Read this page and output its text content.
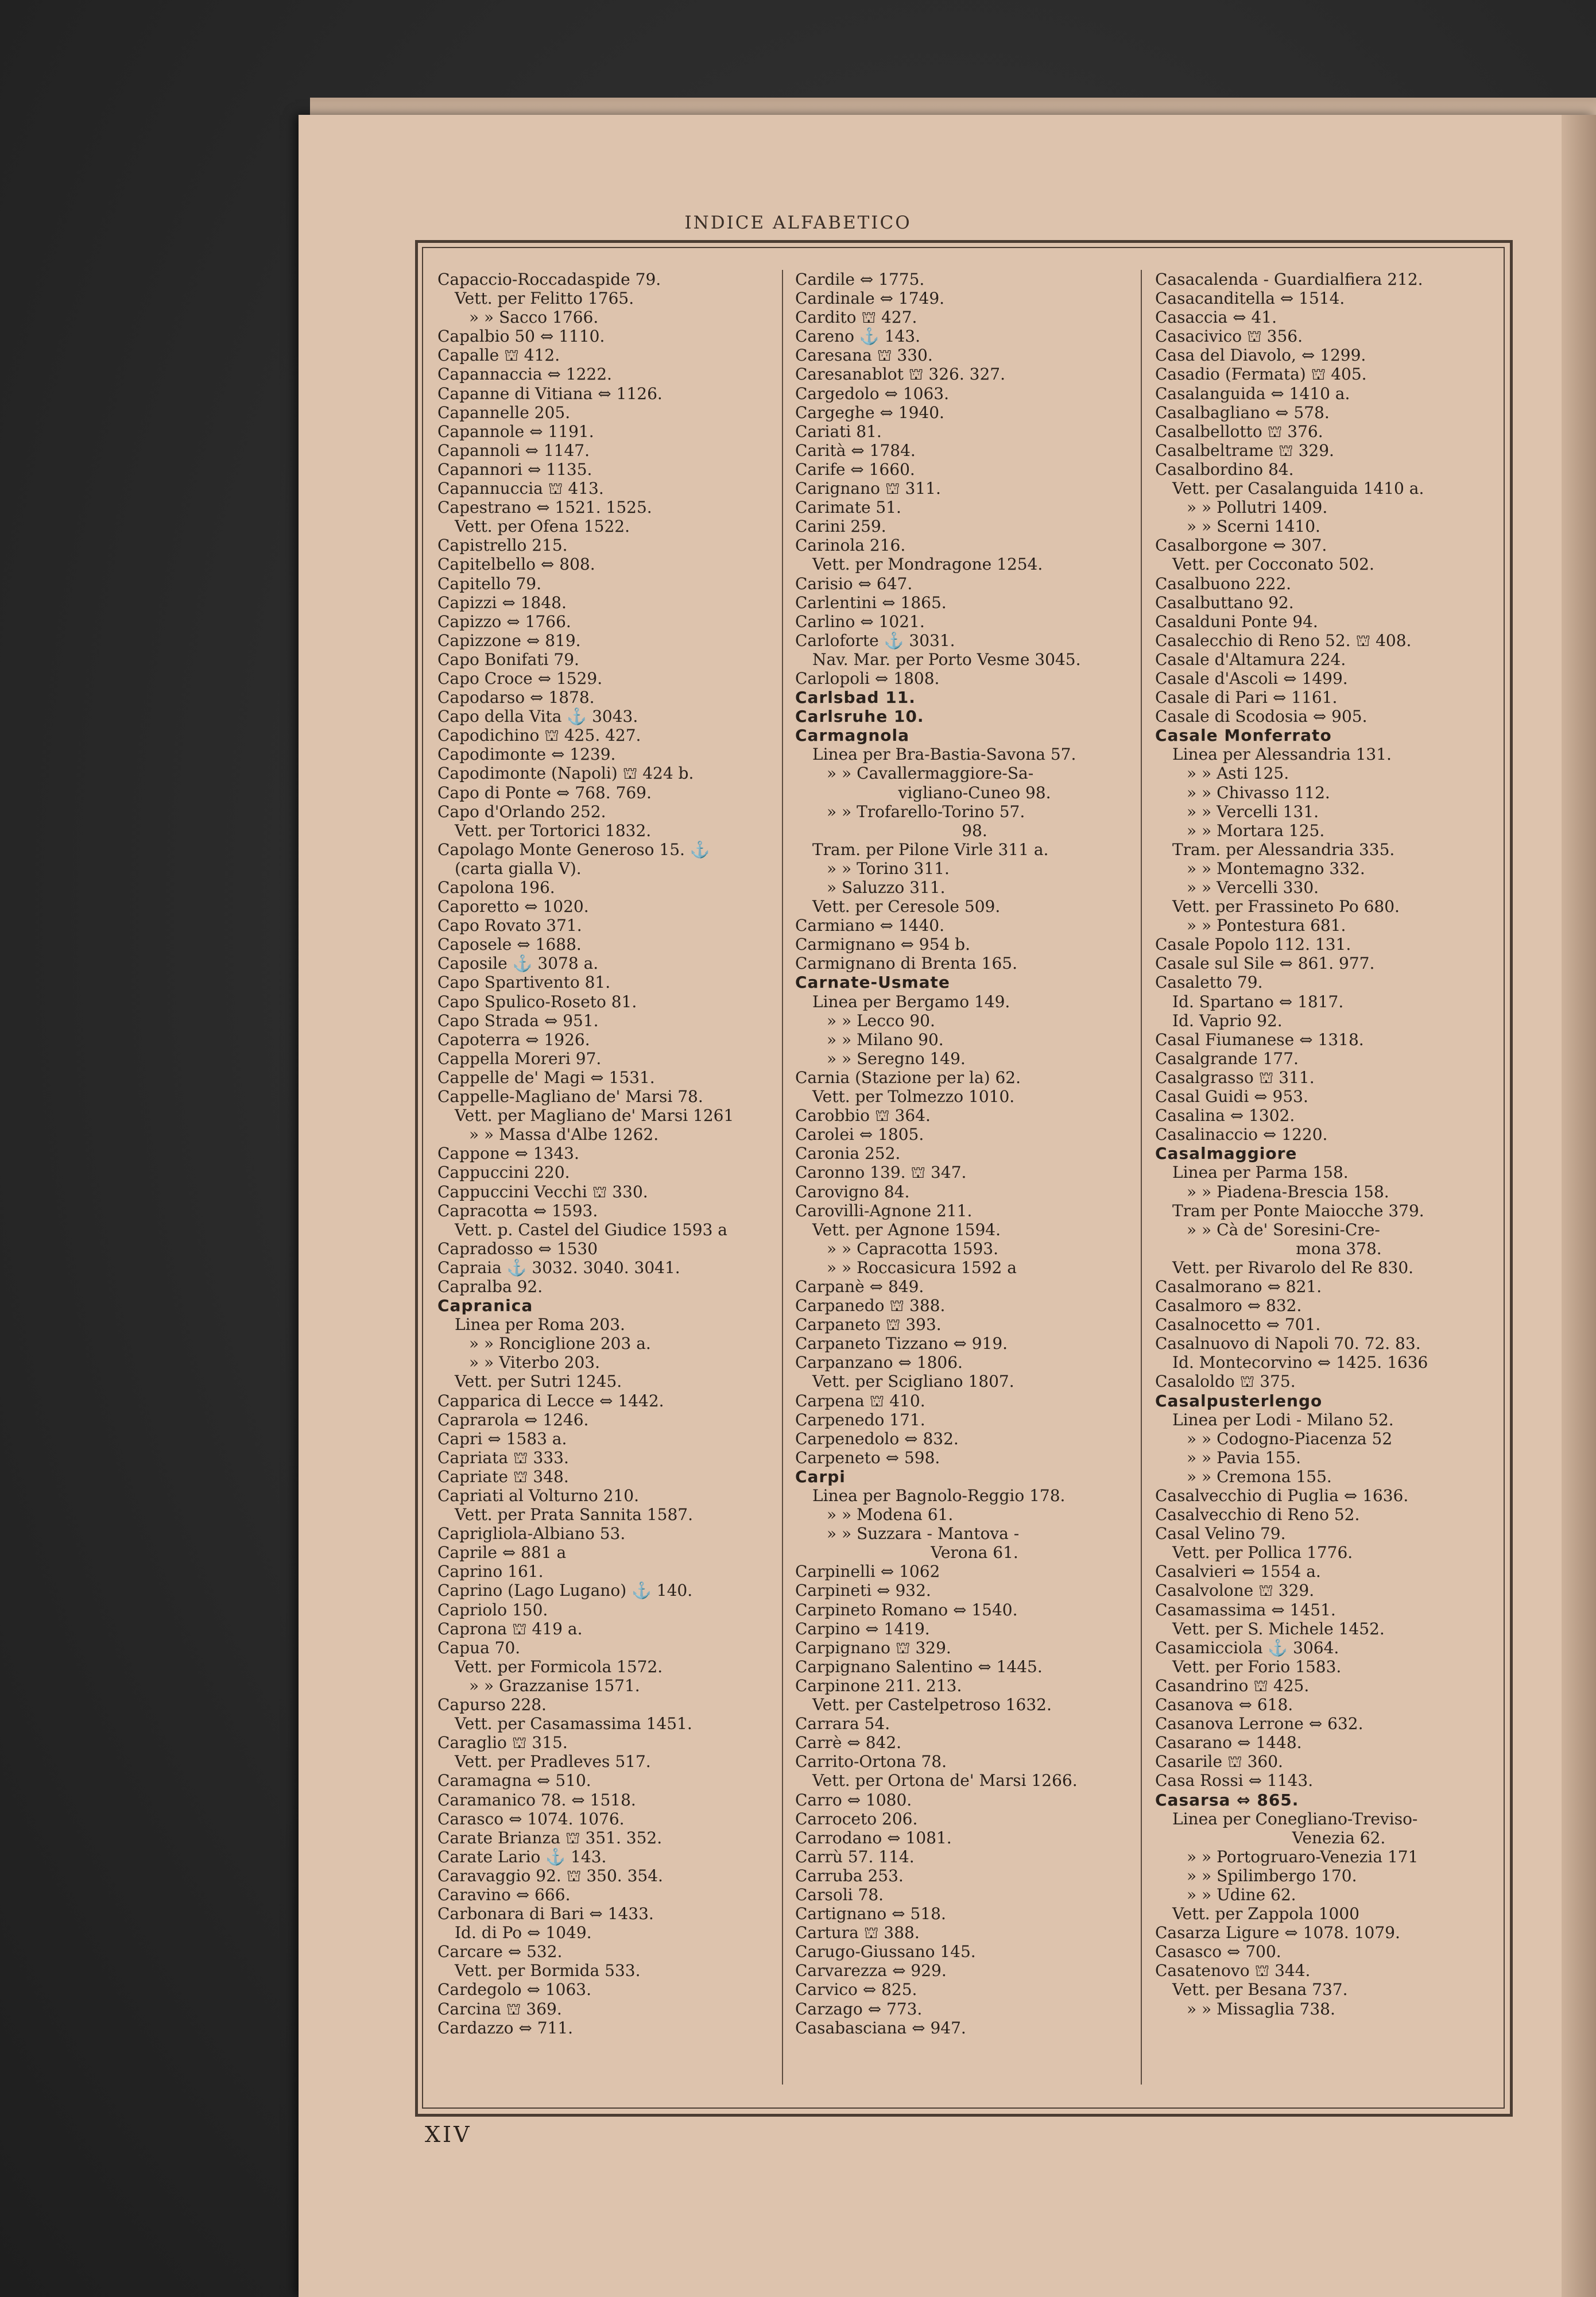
INDICE ALFABETICO
Capaccio-Roccadaspide 79.
Vett. per Felitto 1765.
» » Sacco 1766.
Capalbio 50 ⇔ 1110.
Capalle ⛫ 412.
Capannaccia ⇔ 1222.
Capanne di Vitiana ⇔ 1126.
Capannelle 205.
Capannole ⇔ 1191.
Capannoli ⇔ 1147.
Capannori ⇔ 1135.
Capannuccia ⛫ 413.
Capestrano ⇔ 1521. 1525.
Vett. per Ofena 1522.
Capistrello 215.
Capitelbello ⇔ 808.
Capitello 79.
Capizzi ⇔ 1848.
Capizzo ⇔ 1766.
Capizzone ⇔ 819.
Capo Bonifati 79.
Capo Croce ⇔ 1529.
Capodarso ⇔ 1878.
Capo della Vita ⚓ 3043.
Capodichino ⛫ 425. 427.
Capodimonte ⇔ 1239.
Capodimonte (Napoli) ⛫ 424 b.
Capo di Ponte ⇔ 768. 769.
Capo d'Orlando 252.
Vett. per Tortorici 1832.
Capolago Monte Generoso 15. ⚓
(carta gialla V).
Capolona 196.
Caporetto ⇔ 1020.
Capo Rovato 371.
Caposele ⇔ 1688.
Caposile ⚓ 3078 a.
Capo Spartivento 81.
Capo Spulico-Roseto 81.
Capo Strada ⇔ 951.
Capoterra ⇔ 1926.
Cappella Moreri 97.
Cappelle de' Magi ⇔ 1531.
Cappelle-Magliano de' Marsi 78.
Vett. per Magliano de' Marsi 1261
» » Massa d'Albe 1262.
Cappone ⇔ 1343.
Cappuccini 220.
Cappuccini Vecchi ⛫ 330.
Capracotta ⇔ 1593.
Vett. p. Castel del Giudice 1593 a
Capradosso ⇔ 1530
Capraia ⚓ 3032. 3040. 3041.
Capralba 92.
Capranica
Linea per Roma 203.
» » Ronciglione 203 a.
» » Viterbo 203.
Vett. per Sutri 1245.
Capparica di Lecce ⇔ 1442.
Caprarola ⇔ 1246.
Capri ⇔ 1583 a.
Capriata ⛫ 333.
Capriate ⛫ 348.
Capriati al Volturno 210.
Vett. per Prata Sannita 1587.
Caprigliola-Albiano 53.
Caprile ⇔ 881 a
Caprino 161.
Caprino (Lago Lugano) ⚓ 140.
Capriolo 150.
Caprona ⛫ 419 a.
Capua 70.
Vett. per Formicola 1572.
» » Grazzanise 1571.
Capurso 228.
Vett. per Casamassima 1451.
Caraglio ⛫ 315.
Vett. per Pradleves 517.
Caramagna ⇔ 510.
Caramanico 78. ⇔ 1518.
Carasco ⇔ 1074. 1076.
Carate Brianza ⛫ 351. 352.
Carate Lario ⚓ 143.
Caravaggio 92. ⛫ 350. 354.
Caravino ⇔ 666.
Carbonara di Bari ⇔ 1433.
Id. di Po ⇔ 1049.
Carcare ⇔ 532.
Vett. per Bormida 533.
Cardegolo ⇔ 1063.
Carcina ⛫ 369.
Cardazzo ⇔ 711.
Cardile ⇔ 1775.
Cardinale ⇔ 1749.
Cardito ⛫ 427.
Careno ⚓ 143.
Caresana ⛫ 330.
Caresanablot ⛫ 326. 327.
Cargedolo ⇔ 1063.
Cargeghe ⇔ 1940.
Cariati 81.
Carità ⇔ 1784.
Carife ⇔ 1660.
Carignano ⛫ 311.
Carimate 51.
Carini 259.
Carinola 216.
Vett. per Mondragone 1254.
Carisio ⇔ 647.
Carlentini ⇔ 1865.
Carlino ⇔ 1021.
Carloforte ⚓ 3031.
Nav. Mar. per Porto Vesme 3045.
Carlopoli ⇔ 1808.
Carlsbad 11.
Carlsruhe 10.
Carmagnola
Linea per Bra-Bastia-Savona 57.
» » Cavallermaggiore-Sa-
vigliano-Cuneo 98.
» » Trofarello-Torino 57.
98.
Tram. per Pilone Virle 311 a.
» » Torino 311.
» Saluzzo 311.
Vett. per Ceresole 509.
Carmiano ⇔ 1440.
Carmignano ⇔ 954 b.
Carmignano di Brenta 165.
Carnate-Usmate
Linea per Bergamo 149.
» » Lecco 90.
» » Milano 90.
» » Seregno 149.
Carnia (Stazione per la) 62.
Vett. per Tolmezzo 1010.
Carobbio ⛫ 364.
Carolei ⇔ 1805.
Caronia 252.
Caronno 139. ⛫ 347.
Carovigno 84.
Carovilli-Agnone 211.
Vett. per Agnone 1594.
» » Capracotta 1593.
» » Roccasicura 1592 a
Carpanè ⇔ 849.
Carpanedo ⛫ 388.
Carpaneto ⛫ 393.
Carpaneto Tizzano ⇔ 919.
Carpanzano ⇔ 1806.
Vett. per Scigliano 1807.
Carpena ⛫ 410.
Carpenedo 171.
Carpenedolo ⇔ 832.
Carpeneto ⇔ 598.
Carpi
Linea per Bagnolo-Reggio 178.
» » Modena 61.
» » Suzzara - Mantova -
Verona 61.
Carpinelli ⇔ 1062
Carpineti ⇔ 932.
Carpineto Romano ⇔ 1540.
Carpino ⇔ 1419.
Carpignano ⛫ 329.
Carpignano Salentino ⇔ 1445.
Carpinone 211. 213.
Vett. per Castelpetroso 1632.
Carrara 54.
Carrè ⇔ 842.
Carrito-Ortona 78.
Vett. per Ortona de' Marsi 1266.
Carro ⇔ 1080.
Carroceto 206.
Carrodano ⇔ 1081.
Carrù 57. 114.
Carruba 253.
Carsoli 78.
Cartignano ⇔ 518.
Cartura ⛫ 388.
Carugo-Giussano 145.
Carvarezza ⇔ 929.
Carvico ⇔ 825.
Carzago ⇔ 773.
Casabasciana ⇔ 947.
Casacalenda - Guardialfiera 212.
Casacanditella ⇔ 1514.
Casaccia ⇔ 41.
Casacivico ⛫ 356.
Casa del Diavolo, ⇔ 1299.
Casadio (Fermata) ⛫ 405.
Casalanguida ⇔ 1410 a.
Casalbagliano ⇔ 578.
Casalbellotto ⛫ 376.
Casalbeltrame ⛫ 329.
Casalbordino 84.
Vett. per Casalanguida 1410 a.
» » Pollutri 1409.
» » Scerni 1410.
Casalborgone ⇔ 307.
Vett. per Cocconato 502.
Casalbuono 222.
Casalbuttano 92.
Casalduni Ponte 94.
Casalecchio di Reno 52. ⛫ 408.
Casale d'Altamura 224.
Casale d'Ascoli ⇔ 1499.
Casale di Pari ⇔ 1161.
Casale di Scodosia ⇔ 905.
Casale Monferrato
Linea per Alessandria 131.
» » Asti 125.
» » Chivasso 112.
» » Vercelli 131.
» » Mortara 125.
Tram. per Alessandria 335.
» » Montemagno 332.
» » Vercelli 330.
Vett. per Frassineto Po 680.
» » Pontestura 681.
Casale Popolo 112. 131.
Casale sul Sile ⇔ 861. 977.
Casaletto 79.
Id. Spartano ⇔ 1817.
Id. Vaprio 92.
Casal Fiumanese ⇔ 1318.
Casalgrande 177.
Casalgrasso ⛫ 311.
Casal Guidi ⇔ 953.
Casalina ⇔ 1302.
Casalinaccio ⇔ 1220.
Casalmaggiore
Linea per Parma 158.
» » Piadena-Brescia 158.
Tram per Ponte Maiocche 379.
» » Cà de' Soresini-Cre-
mona 378.
Vett. per Rivarolo del Re 830.
Casalmorano ⇔ 821.
Casalmoro ⇔ 832.
Casalnocetto ⇔ 701.
Casalnuovo di Napoli 70. 72. 83.
Id. Montecorvino ⇔ 1425. 1636
Casaloldo ⛫ 375.
Casalpusterlengo
Linea per Lodi - Milano 52.
» » Codogno-Piacenza 52
» » Pavia 155.
» » Cremona 155.
Casalvecchio di Puglia ⇔ 1636.
Casalvecchio di Reno 52.
Casal Velino 79.
Vett. per Pollica 1776.
Casalvieri ⇔ 1554 a.
Casalvolone ⛫ 329.
Casamassima ⇔ 1451.
Vett. per S. Michele 1452.
Casamicciola ⚓ 3064.
Vett. per Forio 1583.
Casandrino ⛫ 425.
Casanova ⇔ 618.
Casanova Lerrone ⇔ 632.
Casarano ⇔ 1448.
Casarile ⛫ 360.
Casa Rossi ⇔ 1143.
Casarsa ⇔ 865.
Linea per Conegliano-Treviso-
Venezia 62.
» » Portogruaro-Venezia 171
» » Spilimbergo 170.
» » Udine 62.
Vett. per Zappola 1000
Casarza Ligure ⇔ 1078. 1079.
Casasco ⇔ 700.
Casatenovo ⛫ 344.
Vett. per Besana 737.
» » Missaglia 738.
XIV
